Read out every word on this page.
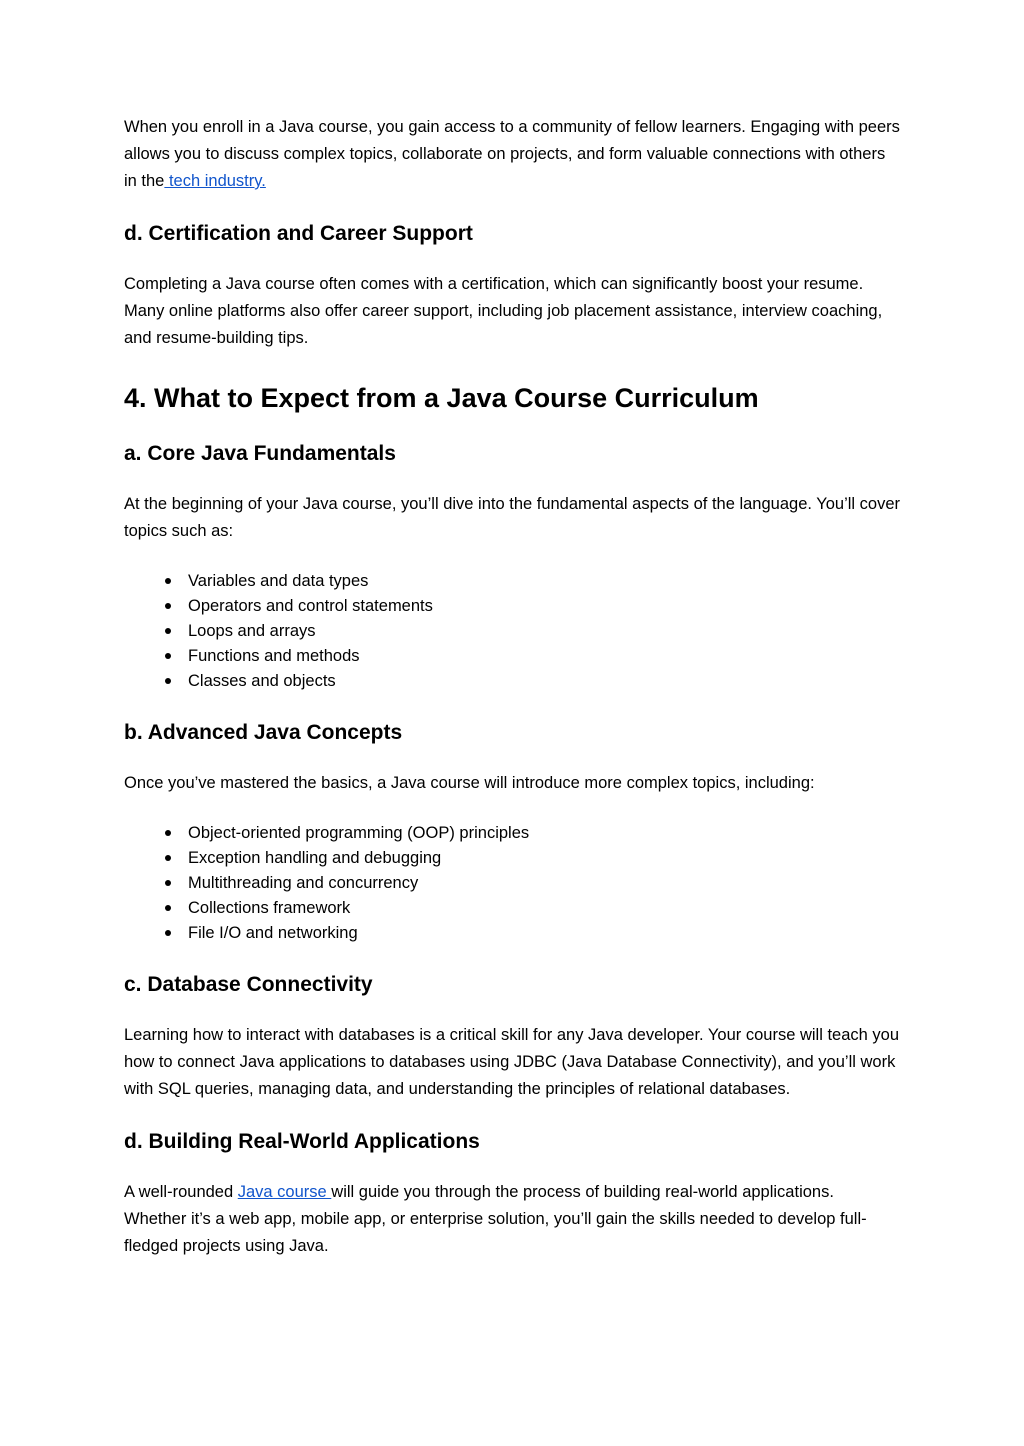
When you enroll in a Java course, you gain access to a community of fellow learners. Engaging with peers allows you to discuss complex topics, collaborate on projects, and form valuable connections with others in the tech industry.

d. Certification and Career Support

Completing a Java course often comes with a certification, which can significantly boost your resume. Many online platforms also offer career support, including job placement assistance, interview coaching, and resume-building tips.

4. What to Expect from a Java Course Curriculum
a. Core Java Fundamentals

At the beginning of your Java course, you’ll dive into the fundamental aspects of the language. You’ll cover topics such as:

Variables and data types
Operators and control statements
Loops and arrays
Functions and methods
Classes and objects
b. Advanced Java Concepts

Once you’ve mastered the basics, a Java course will introduce more complex topics, including:

Object-oriented programming (OOP) principles
Exception handling and debugging
Multithreading and concurrency
Collections framework
File I/O and networking
c. Database Connectivity

Learning how to interact with databases is a critical skill for any Java developer. Your course will teach you how to connect Java applications to databases using JDBC (Java Database Connectivity), and you’ll work with SQL queries, managing data, and understanding the principles of relational databases.

d. Building Real-World Applications

A well-rounded Java course will guide you through the process of building real-world applications. Whether it’s a web app, mobile app, or enterprise solution, you’ll gain the skills needed to develop full-fledged projects using Java.
